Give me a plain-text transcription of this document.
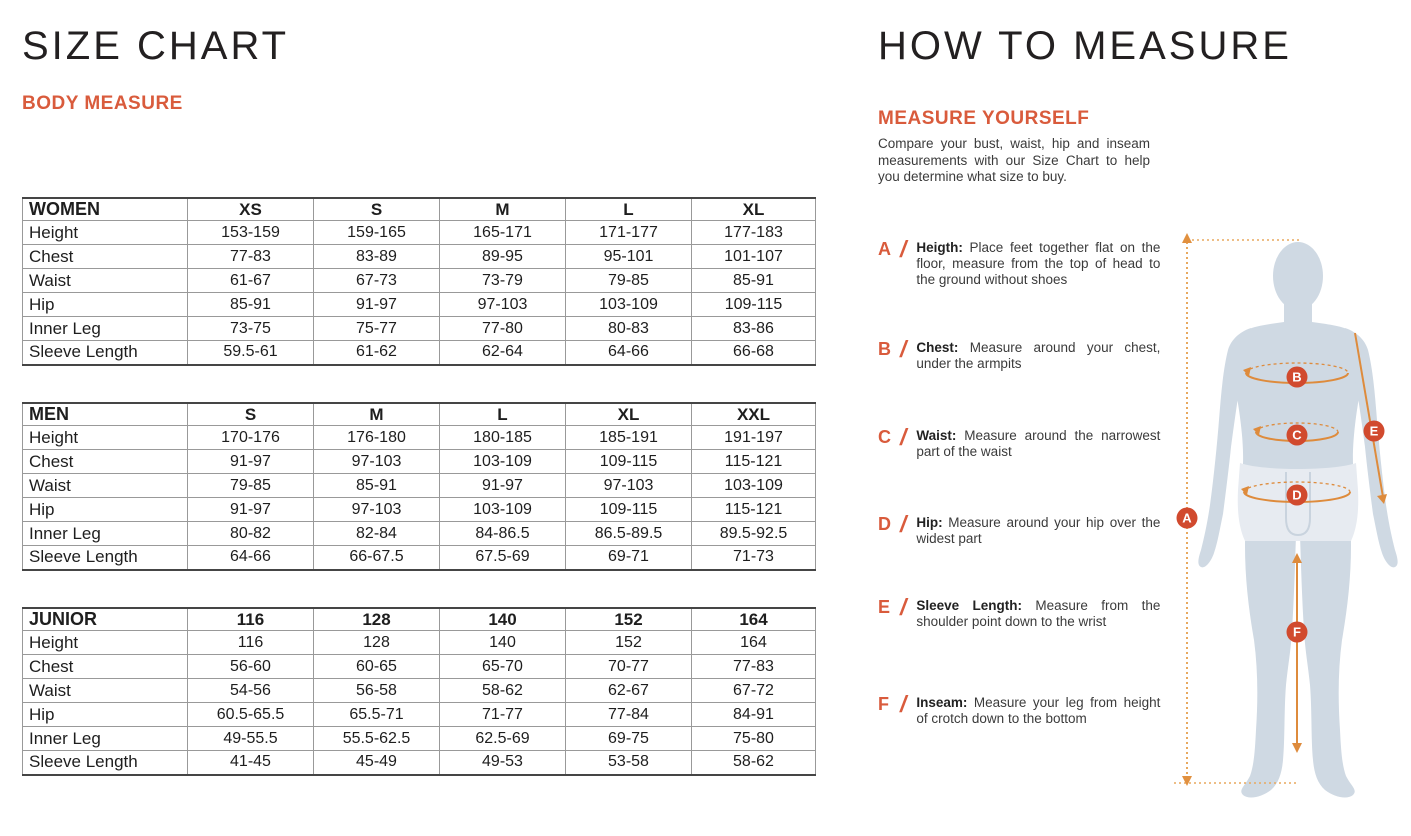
SIZE CHART
BODY MEASURE
WOMEN	XS	S	M	L	XL
Height	153-159	159-165	165-171	171-177	177-183
Chest	77-83	83-89	89-95	95-101	101-107
Waist	61-67	67-73	73-79	79-85	85-91
Hip	85-91	91-97	97-103	103-109	109-115
Inner Leg	73-75	75-77	77-80	80-83	83-86
Sleeve Length	59.5-61	61-62	62-64	64-66	66-68
MEN	S	M	L	XL	XXL
Height	170-176	176-180	180-185	185-191	191-197
Chest	91-97	97-103	103-109	109-115	115-121
Waist	79-85	85-91	91-97	97-103	103-109
Hip	91-97	97-103	103-109	109-115	115-121
Inner Leg	80-82	82-84	84-86.5	86.5-89.5	89.5-92.5
Sleeve Length	64-66	66-67.5	67.5-69	69-71	71-73
JUNIOR	116	128	140	152	164
Height	116	128	140	152	164
Chest	56-60	60-65	65-70	70-77	77-83
Waist	54-56	56-58	58-62	62-67	67-72
Hip	60.5-65.5	65.5-71	71-77	77-84	84-91
Inner Leg	49-55.5	55.5-62.5	62.5-69	69-75	75-80
Sleeve Length	41-45	45-49	49-53	53-58	58-62
HOW TO MEASURE
MEASURE YOURSELF

Compare your bust, waist, hip and inseam measurements with our Size Chart to help you determine what size to buy.

A / Heigth: Place feet together flat on the floor, measure from the top of head to the ground without shoes
B / Chest: Measure around your chest, under the armpits
C / Waist: Measure around the narrowest part of the waist
D / Hip: Measure around your hip over the widest part
E / Sleeve Length: Measure from the shoulder point down to the wrist
F / Inseam: Measure your leg from height of crotch down to the bottom
A
B
C
D
E
F
